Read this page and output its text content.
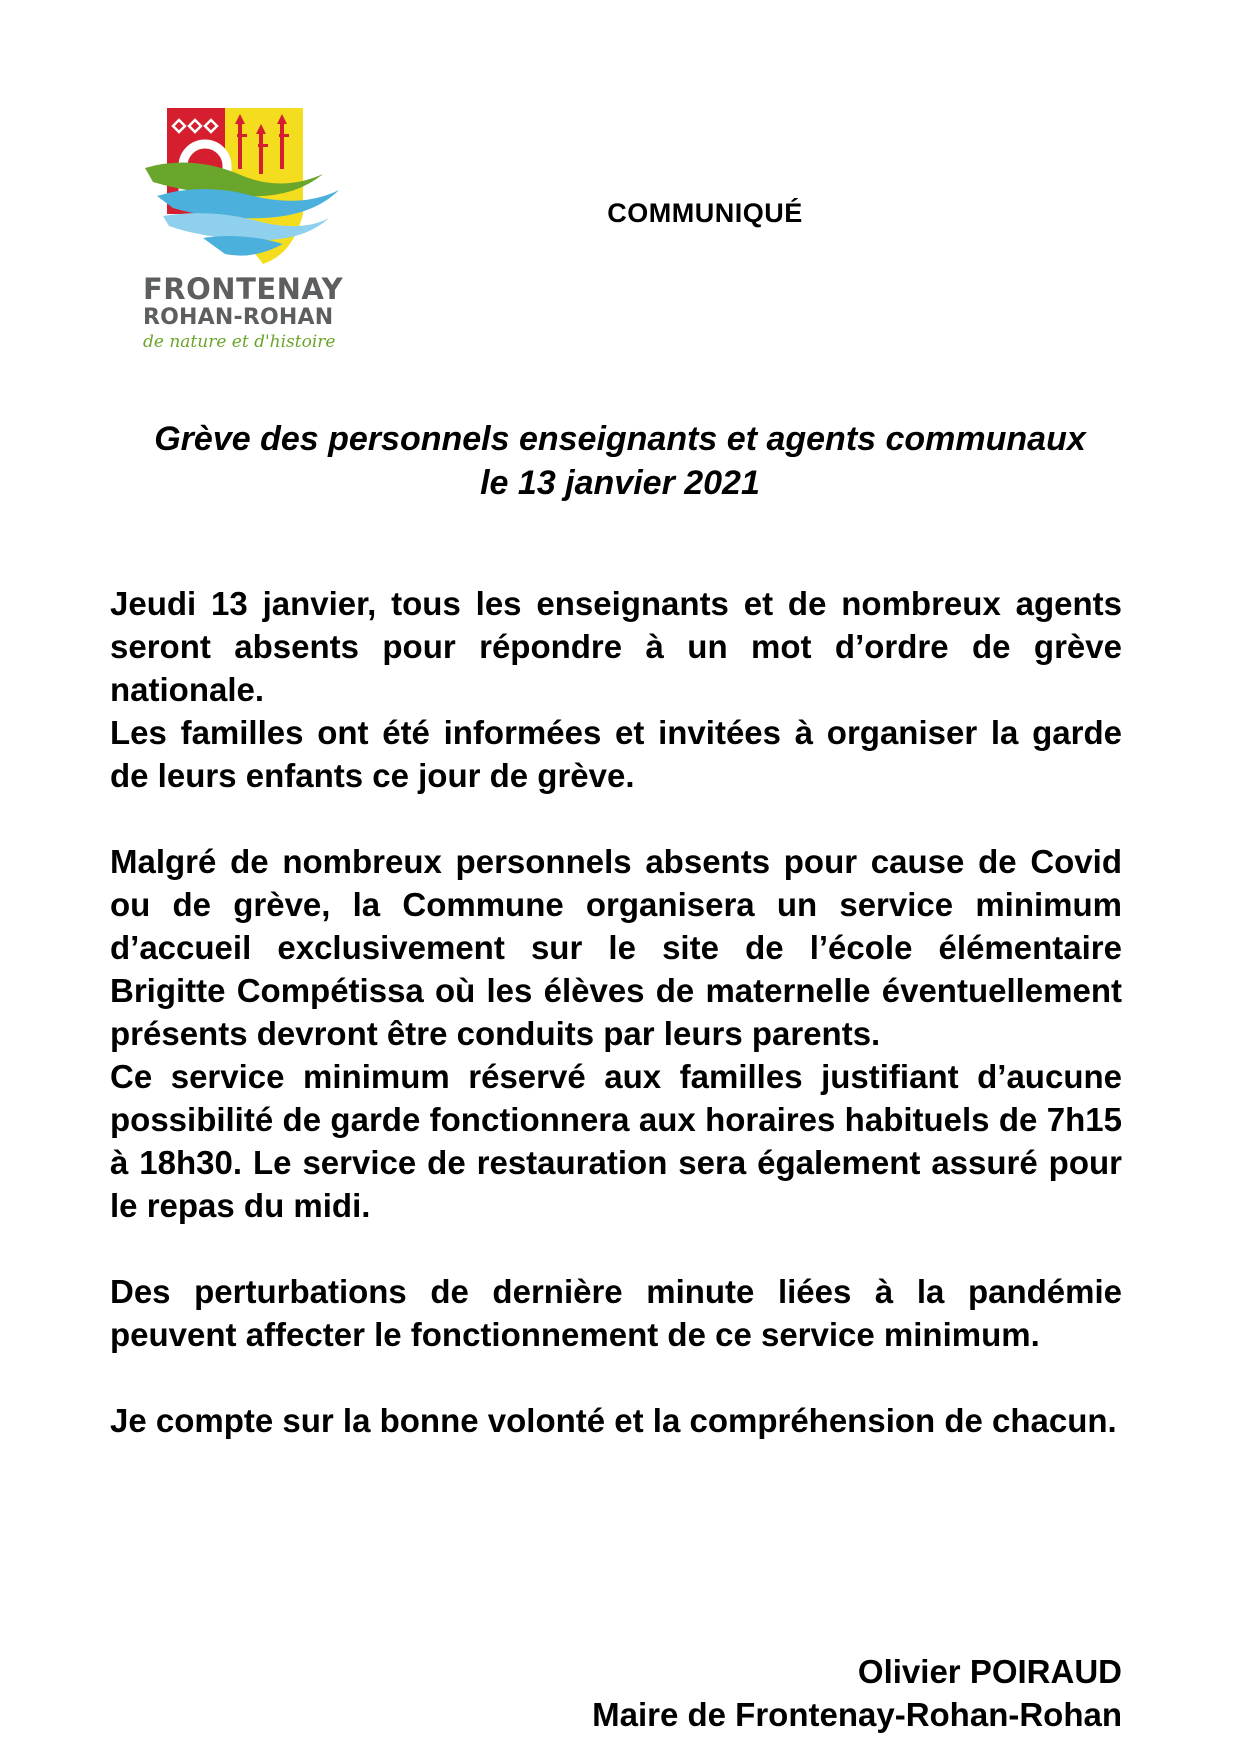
FRONTENAY
ROHAN-ROHAN
de nature et d'histoire
COMMUNIQUÉ
Grève des personnels enseignants et agents communaux
le 13 janvier 2021

Jeudi 13 janvier, tous les enseignants et de nombreux agents seront absents pour répondre à un mot d’ordre de grève nationale.

Les familles ont été informées et invitées à organiser la garde de leurs enfants ce jour de grève.

Malgré de nombreux personnels absents pour cause de Covid ou de grève, la Commune organisera un service minimum d’accueil exclusivement sur le site de l’école élémentaire Brigitte Compétissa où les élèves de maternelle éventuellement présents devront être conduits par leurs parents.

Ce service minimum réservé aux familles justifiant d’aucune possibilité de garde fonctionnera aux horaires habituels de 7h15 à 18h30. Le service de restauration sera également assuré pour le repas du midi.

Des perturbations de dernière minute liées à la pandémie peuvent affecter le fonctionnement de ce service minimum.

Je compte sur la bonne volonté et la compréhension de chacun.

Olivier POIRAUD
Maire de Frontenay-Rohan-Rohan
